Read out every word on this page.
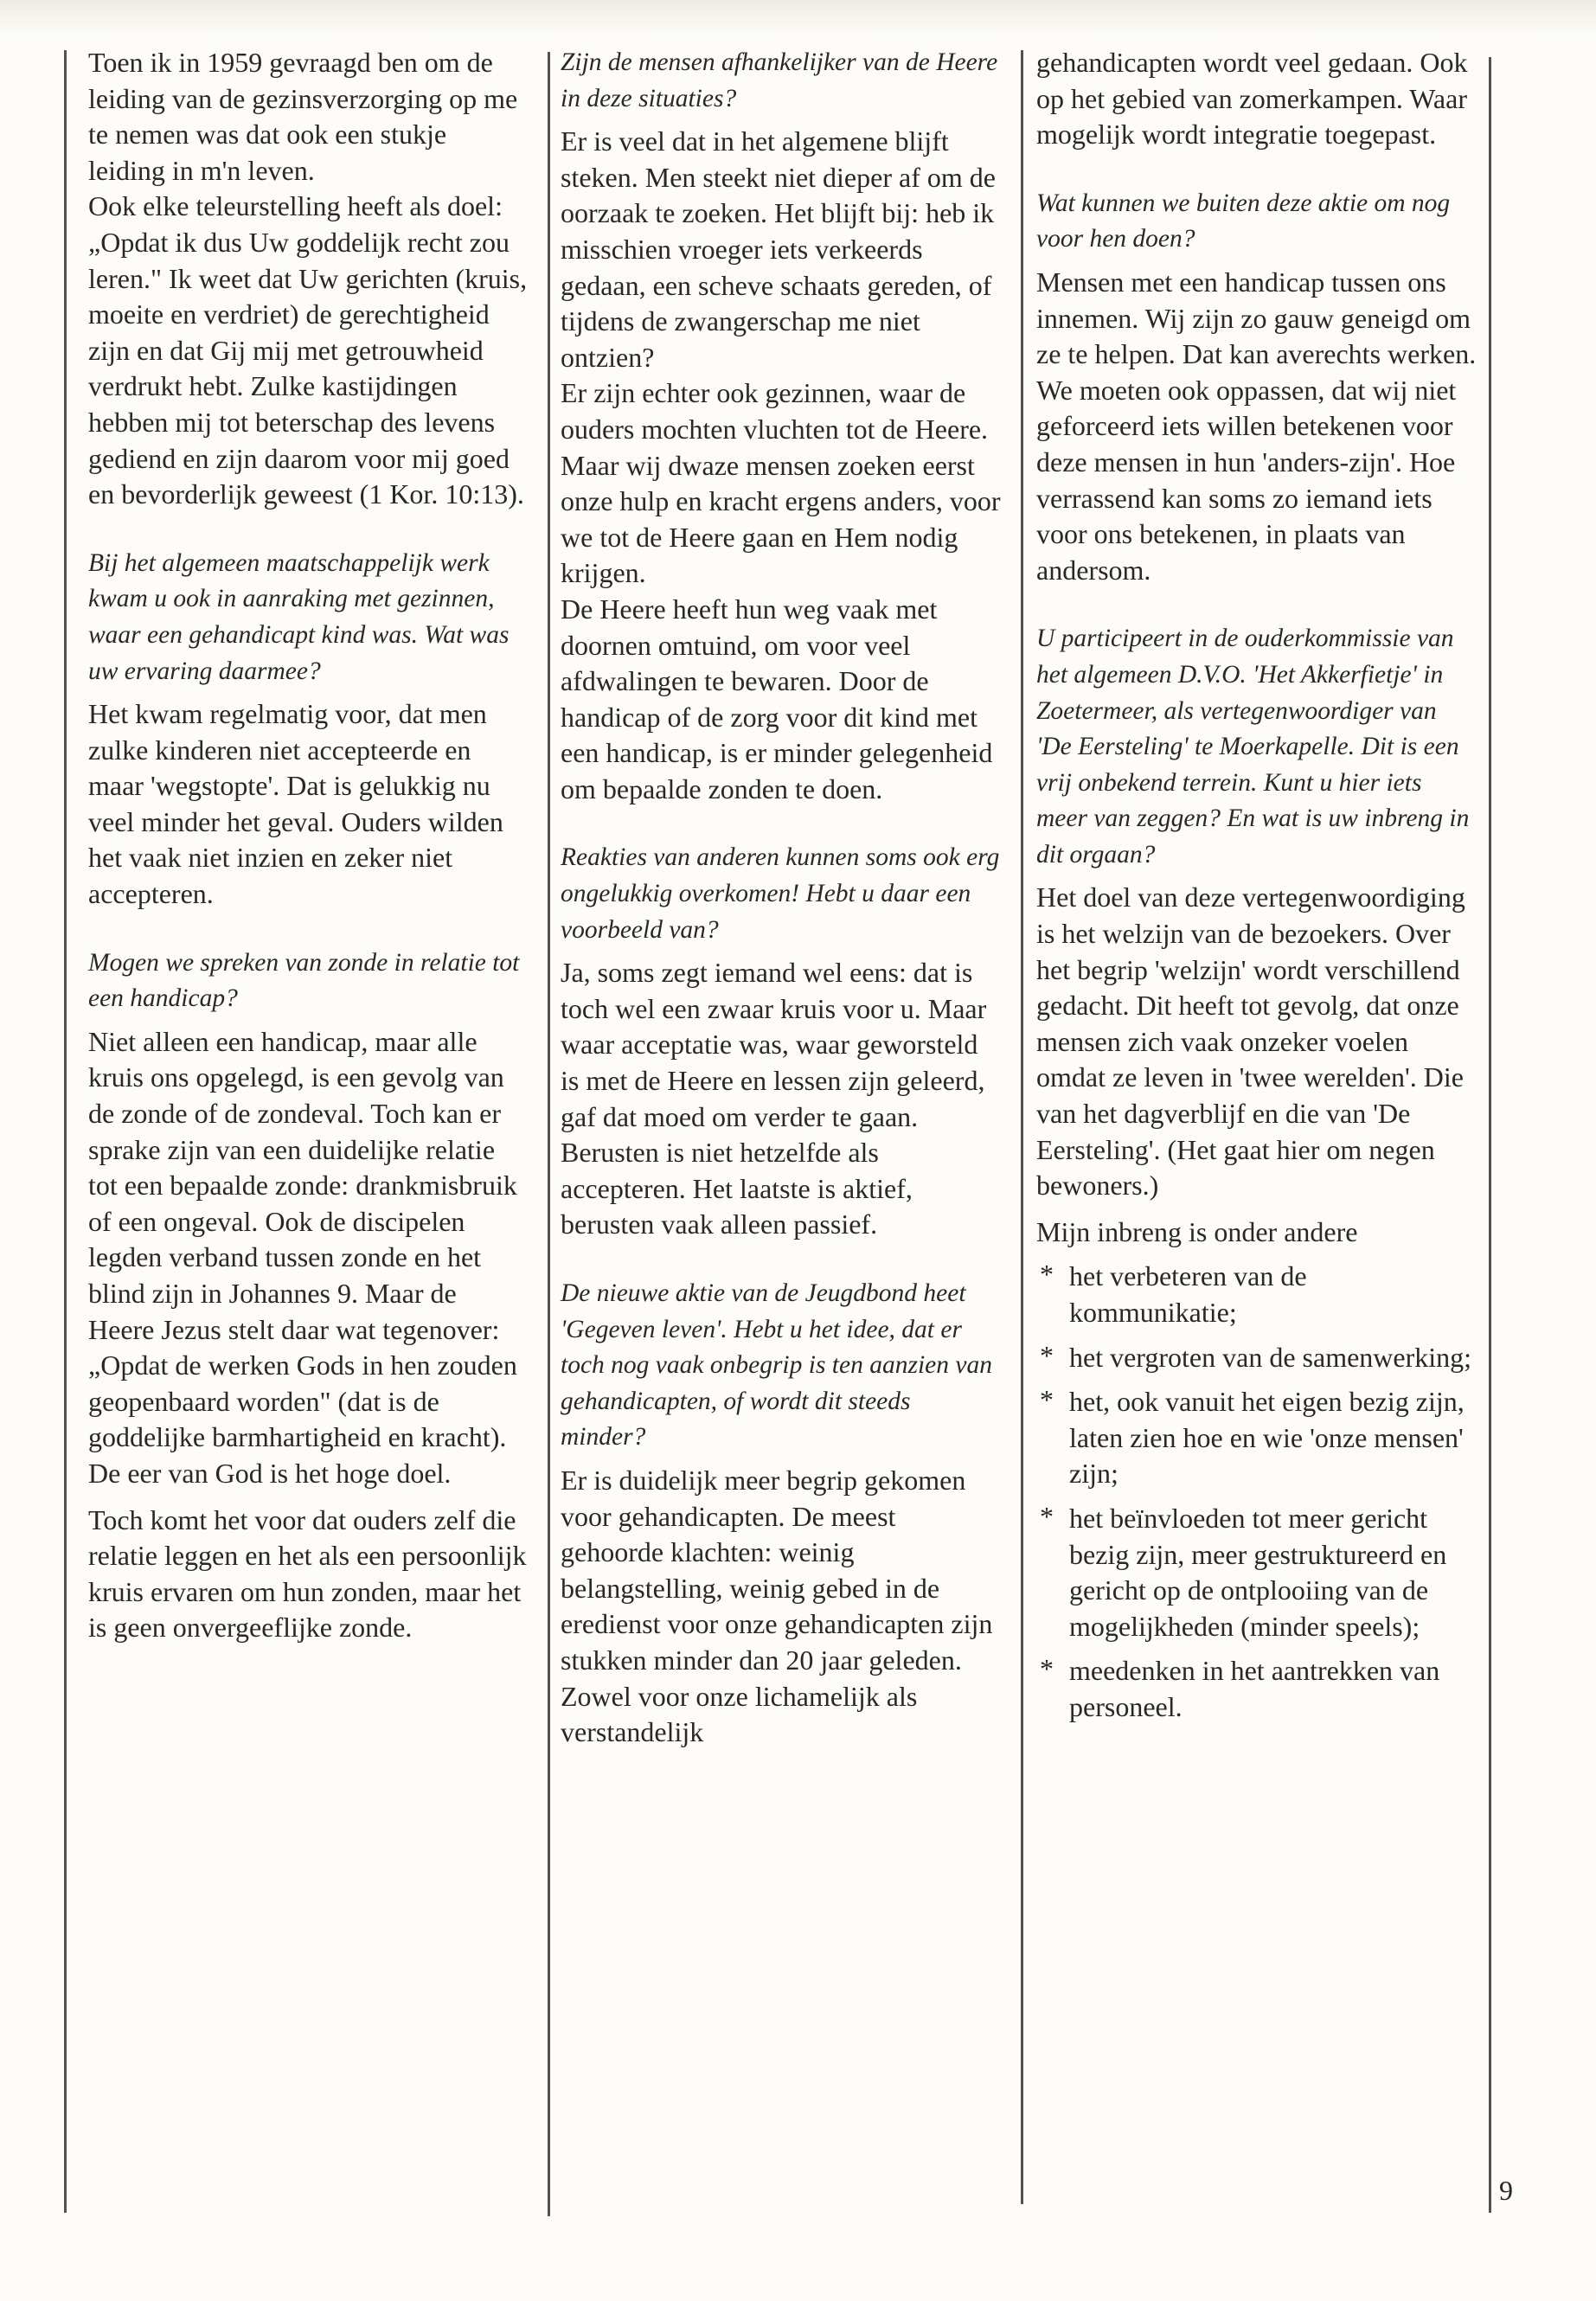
Toen ik in 1959 gevraagd ben om de leiding van de gezinsverzorging op me te nemen was dat ook een stukje leiding in m'n leven.

Ook elke teleurstelling heeft als doel: „Opdat ik dus Uw goddelijk recht zou leren." Ik weet dat Uw gerichten (kruis, moeite en verdriet) de gerechtigheid zijn en dat Gij mij met getrouwheid verdrukt hebt. Zulke kastijdingen hebben mij tot beterschap des levens gediend en zijn daarom voor mij goed en bevorderlijk geweest (1 Kor. 10:13).

Bij het algemeen maatschappelijk werk kwam u ook in aanraking met gezinnen, waar een gehandicapt kind was. Wat was uw ervaring daarmee?

Het kwam regelmatig voor, dat men zulke kinderen niet accepteerde en maar 'wegstopte'. Dat is gelukkig nu veel minder het geval. Ouders wilden het vaak niet inzien en zeker niet accepteren.

Mogen we spreken van zonde in relatie tot een handicap?

Niet alleen een handicap, maar alle kruis ons opgelegd, is een gevolg van de zonde of de zondeval. Toch kan er sprake zijn van een duidelijke relatie tot een bepaalde zonde: drankmisbruik of een ongeval. Ook de discipelen legden verband tussen zonde en het blind zijn in Johannes 9. Maar de Heere Jezus stelt daar wat tegenover: „Opdat de werken Gods in hen zouden geopenbaard worden" (dat is de goddelijke barmhartigheid en kracht). De eer van God is het hoge doel.

Toch komt het voor dat ouders zelf die relatie leggen en het als een persoonlijk kruis ervaren om hun zonden, maar het is geen onvergeeflijke zonde.

Zijn de mensen afhankelijker van de Heere in deze situaties?

Er is veel dat in het algemene blijft steken. Men steekt niet dieper af om de oorzaak te zoeken. Het blijft bij: heb ik misschien vroeger iets verkeerds gedaan, een scheve schaats gereden, of tijdens de zwangerschap me niet ontzien?

Er zijn echter ook gezinnen, waar de ouders mochten vluchten tot de Heere. Maar wij dwaze mensen zoeken eerst onze hulp en kracht ergens anders, voor we tot de Heere gaan en Hem nodig krijgen.

De Heere heeft hun weg vaak met doornen omtuind, om voor veel afdwalingen te bewaren. Door de handicap of de zorg voor dit kind met een handicap, is er minder gelegenheid om bepaalde zonden te doen.

Reakties van anderen kunnen soms ook erg ongelukkig overkomen! Hebt u daar een voorbeeld van?

Ja, soms zegt iemand wel eens: dat is toch wel een zwaar kruis voor u. Maar waar acceptatie was, waar geworsteld is met de Heere en lessen zijn geleerd, gaf dat moed om verder te gaan. Berusten is niet hetzelfde als accepteren. Het laatste is aktief, berusten vaak alleen passief.

De nieuwe aktie van de Jeugdbond heet 'Gegeven leven'. Hebt u het idee, dat er toch nog vaak onbegrip is ten aanzien van gehandicapten, of wordt dit steeds minder?

Er is duidelijk meer begrip gekomen voor gehandicapten. De meest gehoorde klachten: weinig belangstelling, weinig gebed in de eredienst voor onze gehandicapten zijn stukken minder dan 20 jaar geleden. Zowel voor onze lichamelijk als verstandelijk

gehandicapten wordt veel gedaan. Ook op het gebied van zomerkampen. Waar mogelijk wordt integratie toegepast.

Wat kunnen we buiten deze aktie om nog voor hen doen?

Mensen met een handicap tussen ons innemen. Wij zijn zo gauw geneigd om ze te helpen. Dat kan averechts werken. We moeten ook oppassen, dat wij niet geforceerd iets willen betekenen voor deze mensen in hun 'anders-zijn'. Hoe verrassend kan soms zo iemand iets voor ons betekenen, in plaats van andersom.

U participeert in de ouderkommissie van het algemeen D.V.O. 'Het Akkerfietje' in Zoetermeer, als vertegenwoordiger van 'De Eersteling' te Moerkapelle. Dit is een vrij onbekend terrein. Kunt u hier iets meer van zeggen? En wat is uw inbreng in dit orgaan?

Het doel van deze vertegenwoordiging is het welzijn van de bezoekers. Over het begrip 'welzijn' wordt verschillend gedacht. Dit heeft tot gevolg, dat onze mensen zich vaak onzeker voelen omdat ze leven in 'twee werelden'. Die van het dagverblijf en die van 'De Eersteling'. (Het gaat hier om negen bewoners.)

Mijn inbreng is onder andere

* het verbeteren van de kommunikatie;
* het vergroten van de samenwerking;
* het, ook vanuit het eigen bezig zijn, laten zien hoe en wie 'onze mensen' zijn;
* het beïnvloeden tot meer gericht bezig zijn, meer gestruktureerd en gericht op de ontplooiing van de mogelijkheden (minder speels);
* meedenken in het aantrekken van personeel.
9
